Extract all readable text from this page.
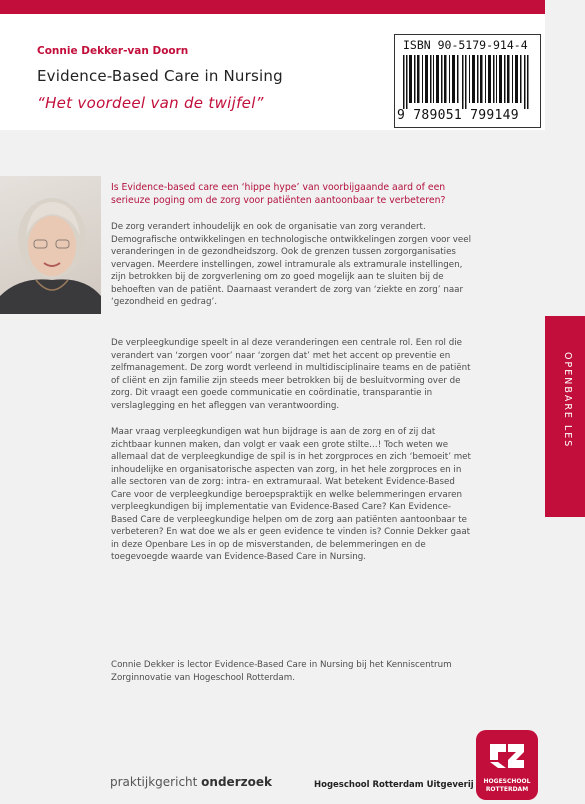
Connie Dekker-van Doorn
Evidence-Based Care in Nursing
“Het voordeel van de twijfel”
ISBN 90-5179-914-4
9 789051 799149
Is Evidence-based care een ‘hippe hype’ van voorbijgaande aard of een serieuze poging om de zorg voor patiënten aantoonbaar te verbeteren?
De zorg verandert inhoudelijk en ook de organisatie van zorg verandert. Demografische ontwikkelingen en technologische ontwikkelingen zorgen voor veel veranderingen in de gezondheidszorg. Ook de grenzen tussen zorgorganisaties vervagen. Meerdere instellingen, zowel intramurale als extramurale instellingen, zijn betrokken bij de zorgverlening om zo goed mogelijk aan te sluiten bij de behoeften van de patiënt. Daarnaast verandert de zorg van ‘ziekte en zorg’ naar ‘gezondheid en gedrag’.
De verpleegkundige speelt in al deze veranderingen een centrale rol. Een rol die verandert van ‘zorgen voor’ naar ‘zorgen dat’ met het accent op preventie en zelfmanagement. De zorg wordt verleend in multidisciplinaire teams en de patiënt of cliënt en zijn familie zijn steeds meer betrokken bij de besluitvorming over de zorg. Dit vraagt een goede communicatie en coördinatie, transparantie in verslaglegging en het afleggen van verantwoording.
Maar vraag verpleegkundigen wat hun bijdrage is aan de zorg en of zij dat zichtbaar kunnen maken, dan volgt er vaak een grote stilte…! Toch weten we allemaal dat de verpleegkundige de spil is in het zorgproces en zich ‘bemoeit’ met inhoudelijke en organisatorische aspecten van zorg, in het hele zorgproces en in alle sectoren van de zorg: intra- en extramuraal. Wat betekent Evidence-Based Care voor de verpleegkundige beroepspraktijk en welke belemmeringen ervaren verpleegkundigen bij implementatie van Evidence-Based Care? Kan Evidence-Based Care de verpleegkundige helpen om de zorg aan patiënten aantoonbaar te verbeteren? En wat doe we als er geen evidence te vinden is? Connie Dekker gaat in deze Openbare Les in op de misverstanden, de belemmeringen en de toegevoegde waarde van Evidence-Based Care in Nursing.
Connie Dekker is lector Evidence-Based Care in Nursing bij het Kenniscentrum Zorginnovatie van Hogeschool Rotterdam.
OPENBARE LES
praktijkgericht onderzoek	Hogeschool Rotterdam Uitgeverij	HOGESCHOOL
ROTTERDAM
